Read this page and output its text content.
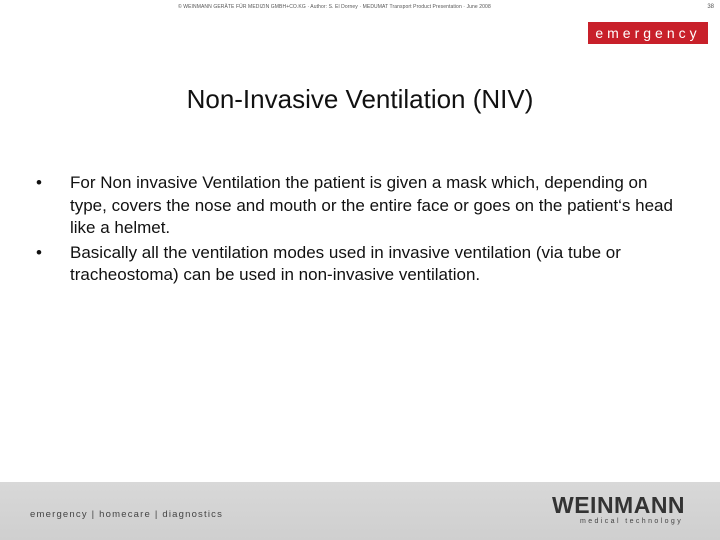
© WEINMANN GERÄTE FÜR MEDIZIN GMBH+CO.KG · Author: S. El Dorney · MEDUMAT Transport Product Presentation · June 2008	38
emergency
Non-Invasive Ventilation (NIV)
• For Non invasive Ventilation the patient is given a mask which, depending on type, covers the nose and mouth or the entire face or goes on the patient‘s head like a helmet.
• Basically all the ventilation modes used in invasive ventilation (via tube or tracheostoma) can be used in non-invasive ventilation.
emergency | homecare | diagnostics	WEINMANN
medical technology
